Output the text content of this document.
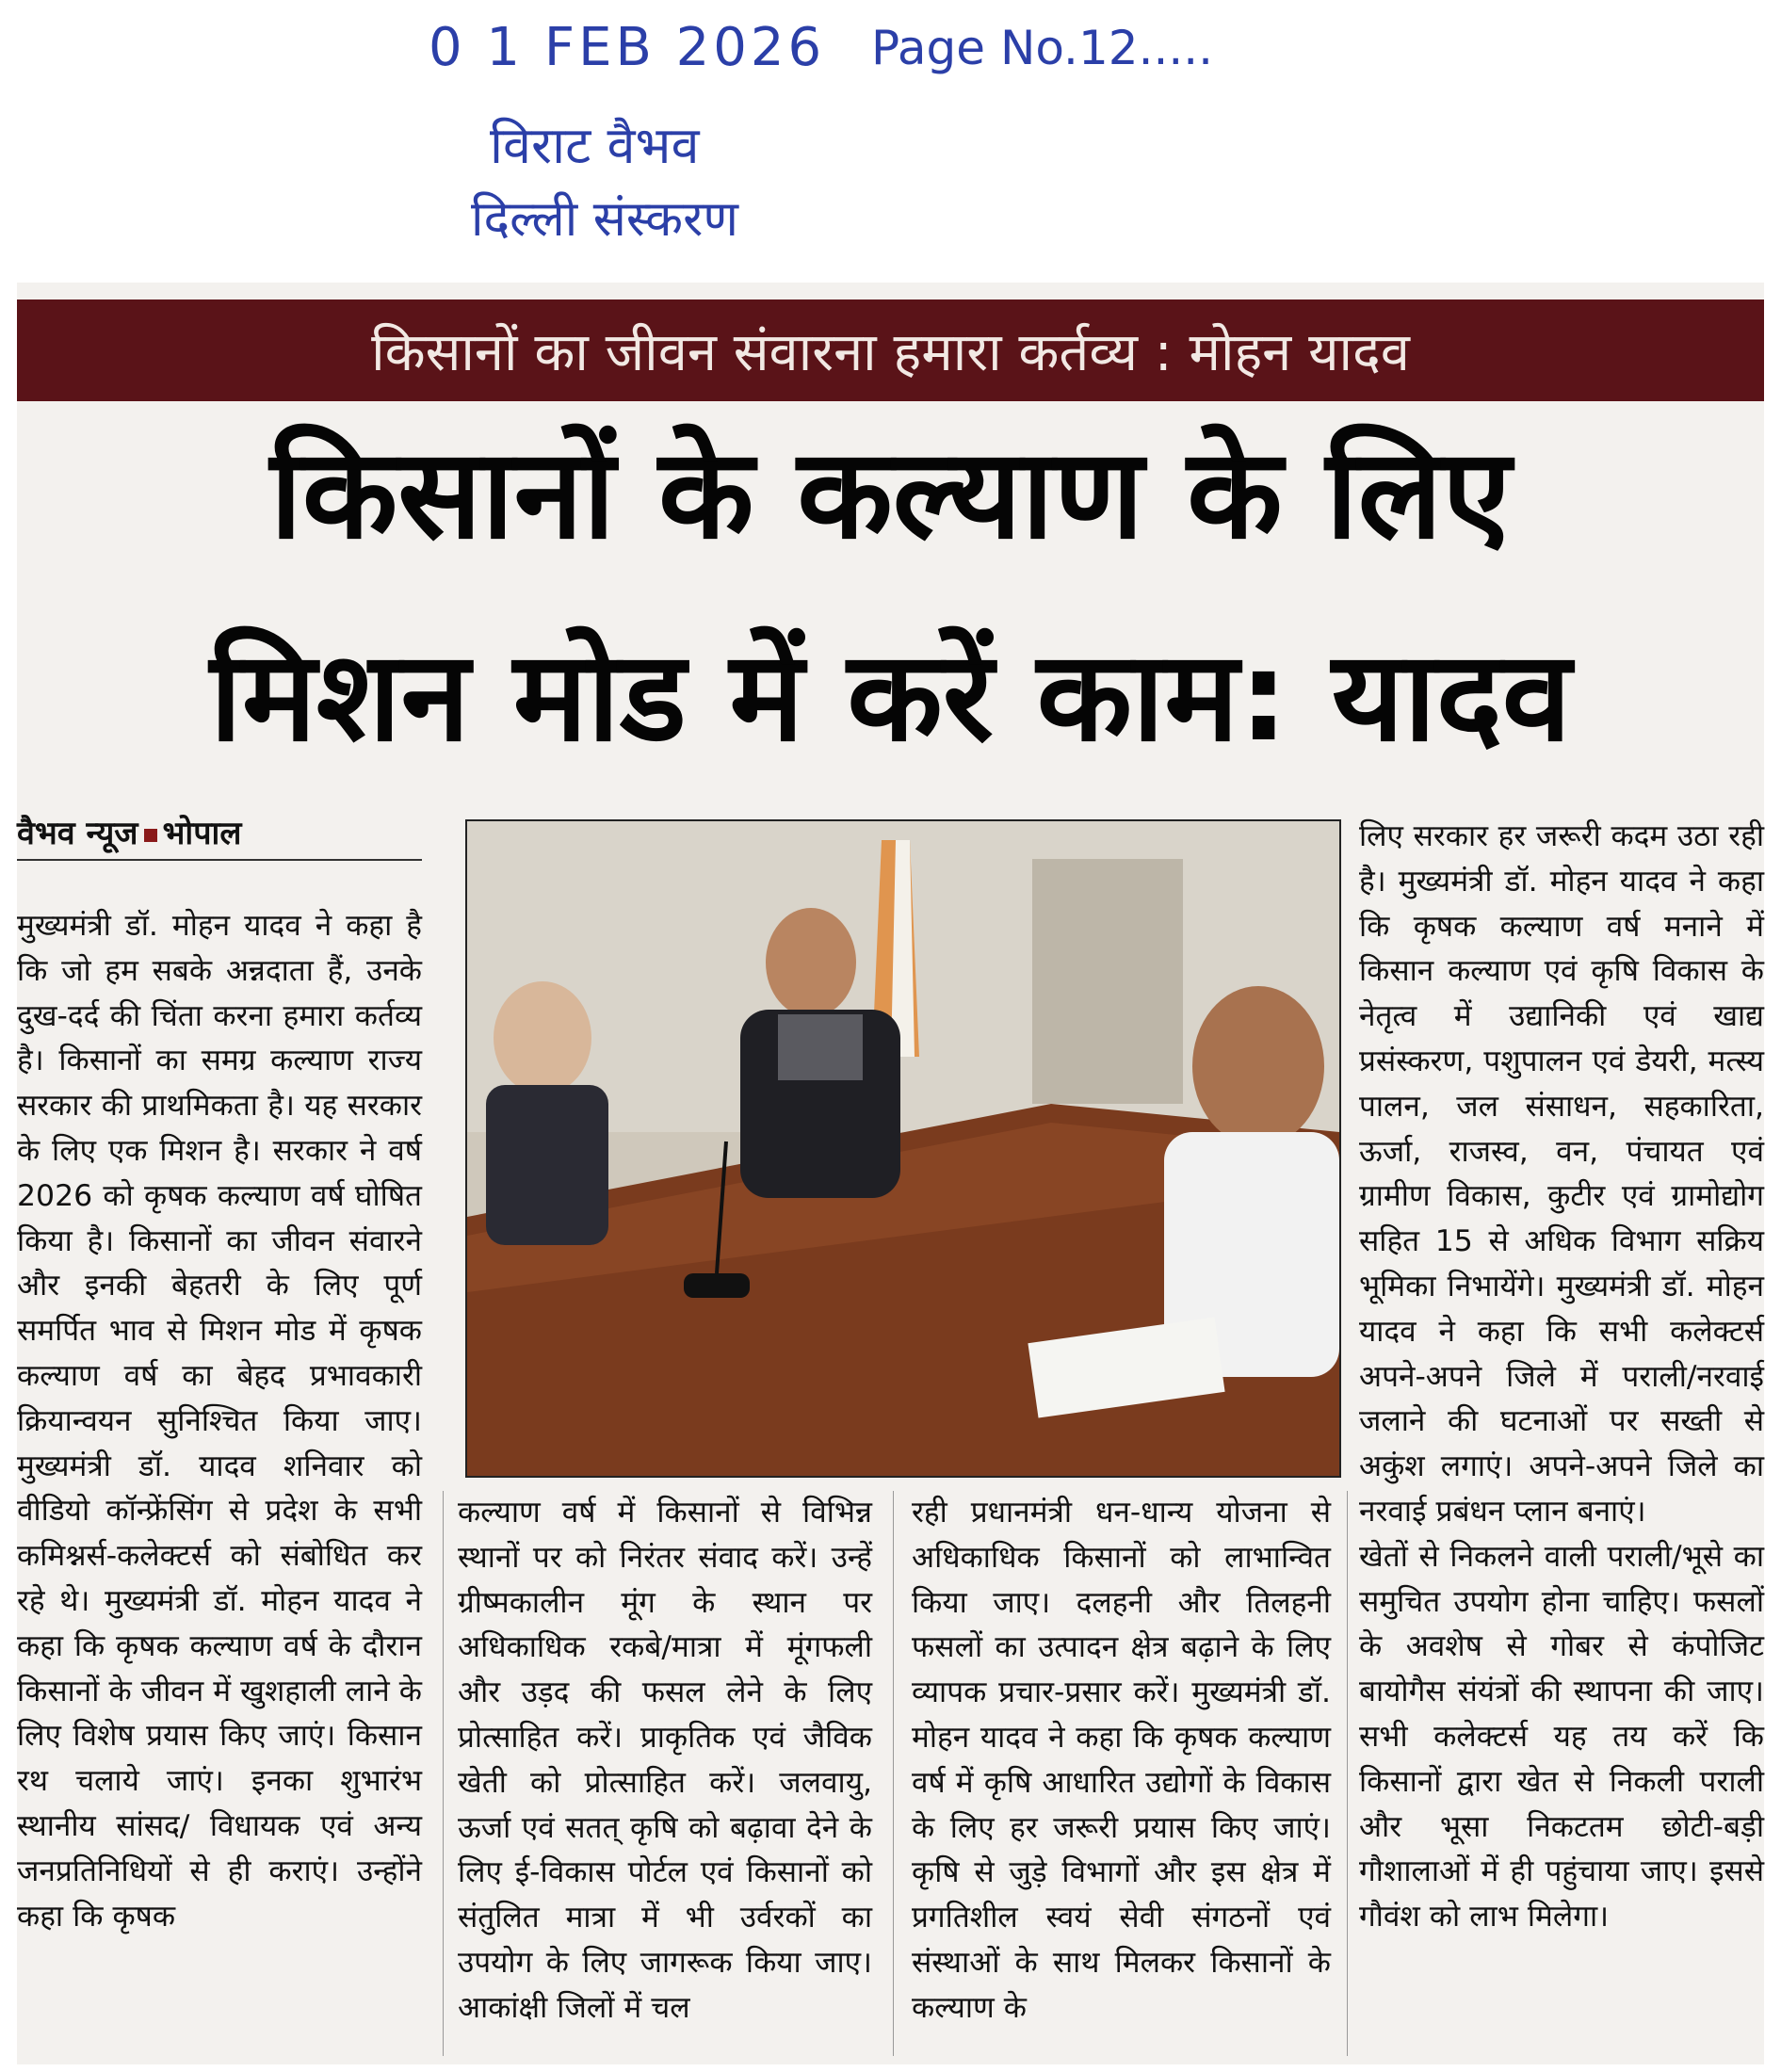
0 1 FEB 2026 Page No.12.....
विराट वैभव
दिल्ली संस्करण
किसानों का जीवन संवारना हमारा कर्तव्य : मोहन यादव
किसानों के कल्याण के लिए
मिशन मोड में करें काम: यादव
वैभव न्यूज भोपाल

मुख्यमंत्री डॉ. मोहन यादव ने कहा है कि जो हम सबके अन्नदाता हैं, उनके दुख-दर्द की चिंता करना हमारा कर्तव्य है। किसानों का समग्र कल्याण राज्य सरकार की प्राथमिकता है। यह सरकार के लिए एक मिशन है। सरकार ने वर्ष 2026 को कृषक कल्याण वर्ष घोषित किया है। किसानों का जीवन संवारने और इनकी बेहतरी के लिए पूर्ण समर्पित भाव से मिशन मोड में कृषक कल्याण वर्ष का बेहद प्रभावकारी क्रियान्वयन सुनिश्चित किया जाए। मुख्यमंत्री डॉ. यादव शनिवार को वीडियो कॉन्फ्रेंसिंग से प्रदेश के सभी कमिश्नर्स-कलेक्टर्स को संबोधित कर रहे थे। मुख्यमंत्री डॉ. मोहन यादव ने कहा कि कृषक कल्याण वर्ष के दौरान किसानों के जीवन में खुशहाली लाने के लिए विशेष प्रयास किए जाएं। किसान रथ चलाये जाएं। इनका शुभारंभ स्थानीय सांसद/ विधायक एवं अन्य जनप्रतिनिधियों से ही कराएं। उन्होंने कहा कि कृषक

कल्याण वर्ष में किसानों से विभिन्न स्थानों पर को निरंतर संवाद करें। उन्हें ग्रीष्मकालीन मूंग के स्थान पर अधिकाधिक रकबे/मात्रा में मूंगफली और उड़द की फसल लेने के लिए प्रोत्साहित करें। प्राकृतिक एवं जैविक खेती को प्रोत्साहित करें। जलवायु, ऊर्जा एवं सतत् कृषि को बढ़ावा देने के लिए ई-विकास पोर्टल एवं किसानों को संतुलित मात्रा में भी उर्वरकों का उपयोग के लिए जागरूक किया जाए। आकांक्षी जिलों में चल

रही प्रधानमंत्री धन-धान्य योजना से अधिकाधिक किसानों को लाभान्वित किया जाए। दलहनी और तिलहनी फसलों का उत्पादन क्षेत्र बढ़ाने के लिए व्यापक प्रचार-प्रसार करें। मुख्यमंत्री डॉ. मोहन यादव ने कहा कि कृषक कल्याण वर्ष में कृषि आधारित उद्योगों के विकास के लिए हर जरूरी प्रयास किए जाएं। कृषि से जुड़े विभागों और इस क्षेत्र में प्रगतिशील स्वयं सेवी संगठनों एवं संस्थाओं के साथ मिलकर किसानों के कल्याण के

लिए सरकार हर जरूरी कदम उठा रही है। मुख्यमंत्री डॉ. मोहन यादव ने कहा कि कृषक कल्याण वर्ष मनाने में किसान कल्याण एवं कृषि विकास के नेतृत्व में उद्यानिकी एवं खाद्य प्रसंस्करण, पशुपालन एवं डेयरी, मत्स्य पालन, जल संसाधन, सहकारिता, ऊर्जा, राजस्व, वन, पंचायत एवं ग्रामीण विकास, कुटीर एवं ग्रामोद्योग सहित 15 से अधिक विभाग सक्रिय भूमिका निभायेंगे। मुख्यमंत्री डॉ. मोहन यादव ने कहा कि सभी कलेक्टर्स अपने-अपने जिले में पराली/नरवाई जलाने की घटनाओं पर सख्ती से अकुंश लगाएं। अपने-अपने जिले का नरवाई प्रबंधन प्लान बनाएं।

खेतों से निकलने वाली पराली/भूसे का समुचित उपयोग होना चाहिए। फसलों के अवशेष से गोबर से कंपोजिट बायोगैस संयंत्रों की स्थापना की जाए। सभी कलेक्टर्स यह तय करें कि किसानों द्वारा खेत से निकली पराली और भूसा निकटतम छोटी-बड़ी गौशालाओं में ही पहुंचाया जाए। इससे गौवंश को लाभ मिलेगा।
